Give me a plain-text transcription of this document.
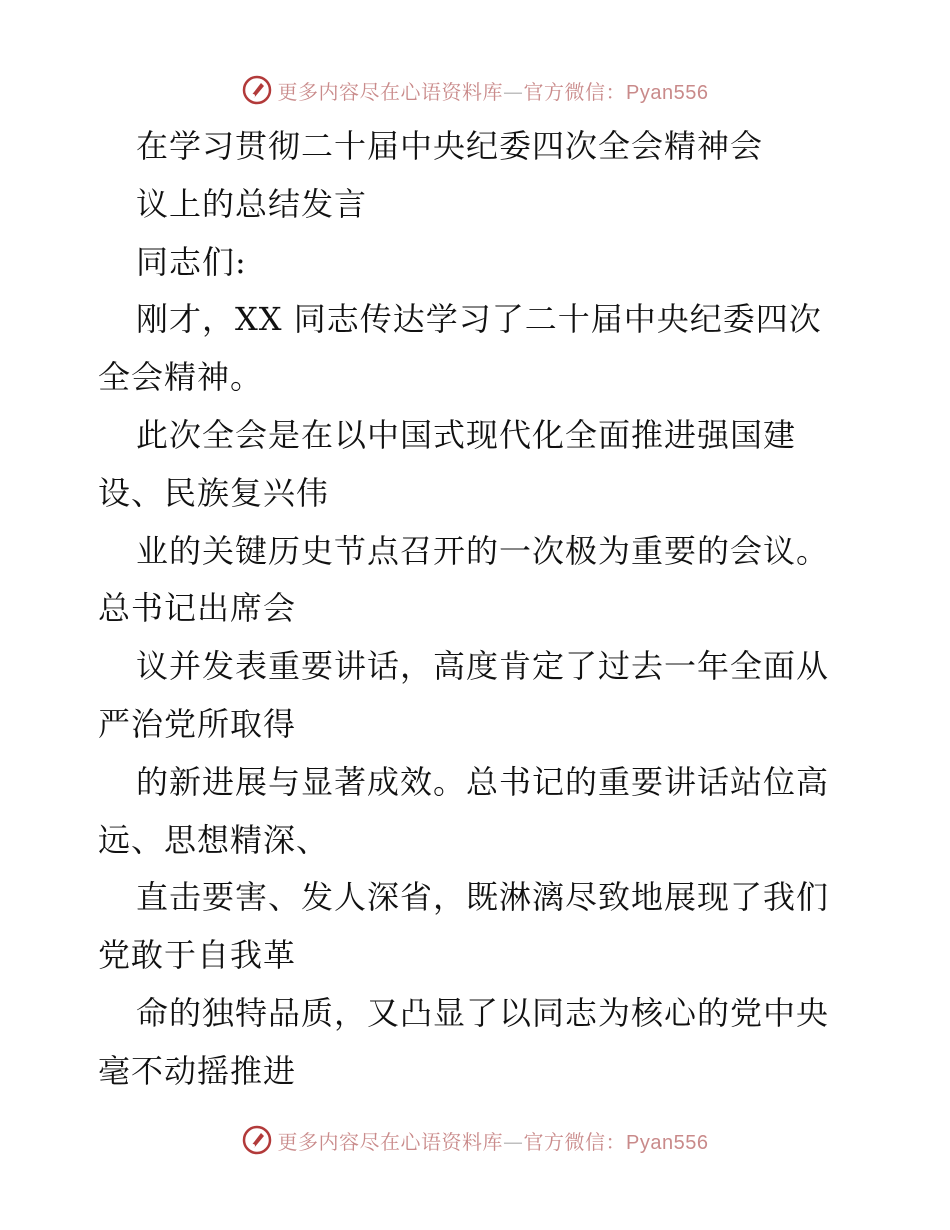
更多内容尽在心语资料库—官方微信：Pyan556
在学习贯彻二十届中央纪委四次全会精神会
议上的总结发言
同志们:
刚才，XX 同志传达学习了二十届中央纪委四次
全会精神。
此次全会是在以中国式现代化全面推进强国建
设、民族复兴伟
业的关键历史节点召开的一次极为重要的会议。
总书记出席会
议并发表重要讲话，高度肯定了过去一年全面从
严治党所取得
的新进展与显著成效。总书记的重要讲话站位高
远、思想精深、
直击要害、发人深省，既淋漓尽致地展现了我们
党敢于自我革
命的独特品质，又凸显了以同志为核心的党中央
毫不动摇推进
更多内容尽在心语资料库—官方微信：Pyan556
